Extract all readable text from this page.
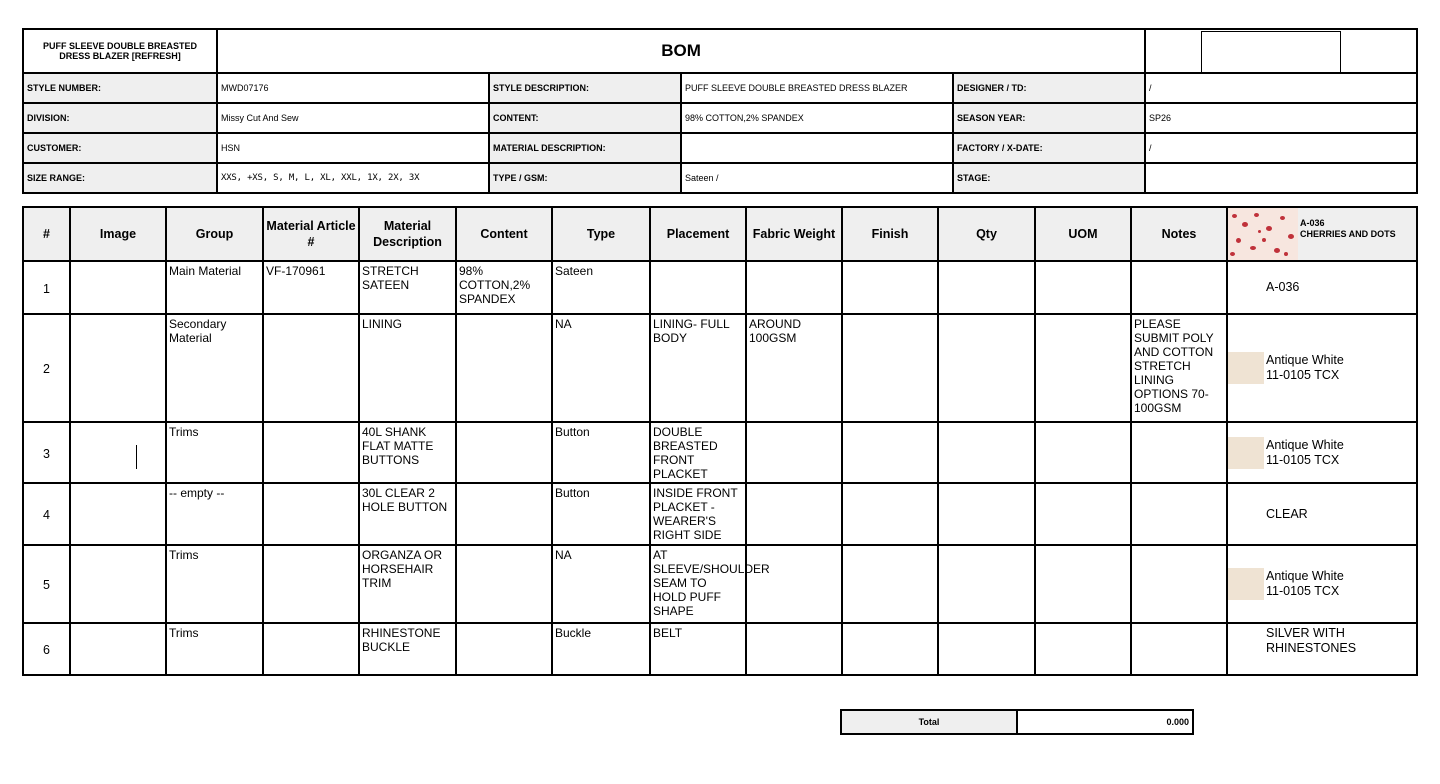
PUFF SLEEVE DOUBLE BREASTED DRESS BLAZER [REFRESH]	BOM				

STYLE NUMBER:	MWD07176	STYLE DESCRIPTION:	PUFF SLEEVE DOUBLE BREASTED DRESS BLAZER	DESIGNER / TD:	/
DIVISION:	Missy Cut And Sew	CONTENT:	98% COTTON,2% SPANDEX	SEASON YEAR:	SP26
CUSTOMER:	HSN	MATERIAL DESCRIPTION:		FACTORY / X-DATE:	/
SIZE RANGE:	XXS, +XS, S, M, L, XL, XXL, 1X, 2X, 3X	TYPE / GSM:	Sateen /	STAGE:	
#	Image	Group	Material Article #	Material Description	Content	Type	Placement	Fabric Weight	Finish	Qty	UOM	Notes	A-036
CHERRIES AND DOTS

1		Main Material	VF-170961	STRETCH SATEEN	98% COTTON,2% SPANDEX	Sateen							A-036

2		Secondary Material		LINING		NA	LINING- FULL BODY	AROUND 100GSM				PLEASE SUBMIT POLY AND COTTON STRETCH LINING OPTIONS 70-100GSM	Antique White
11-0105 TCX

3		Trims		40L SHANK FLAT MATTE BUTTONS		Button	DOUBLE BREASTED FRONT PLACKET						Antique White
11-0105 TCX

4		-- empty --		30L CLEAR 2 HOLE BUTTON		Button	INSIDE FRONT PLACKET - WEARER'S RIGHT SIDE						CLEAR

5		Trims		ORGANZA OR HORSEHAIR TRIM		NA	AT SLEEVE/SHOULDER SEAM TO HOLD PUFF SHAPE						Antique White
11-0105 TCX

6		Trims		RHINESTONE BUCKLE		Buckle	BELT						SILVER WITH RHINESTONES
Total	0.000
